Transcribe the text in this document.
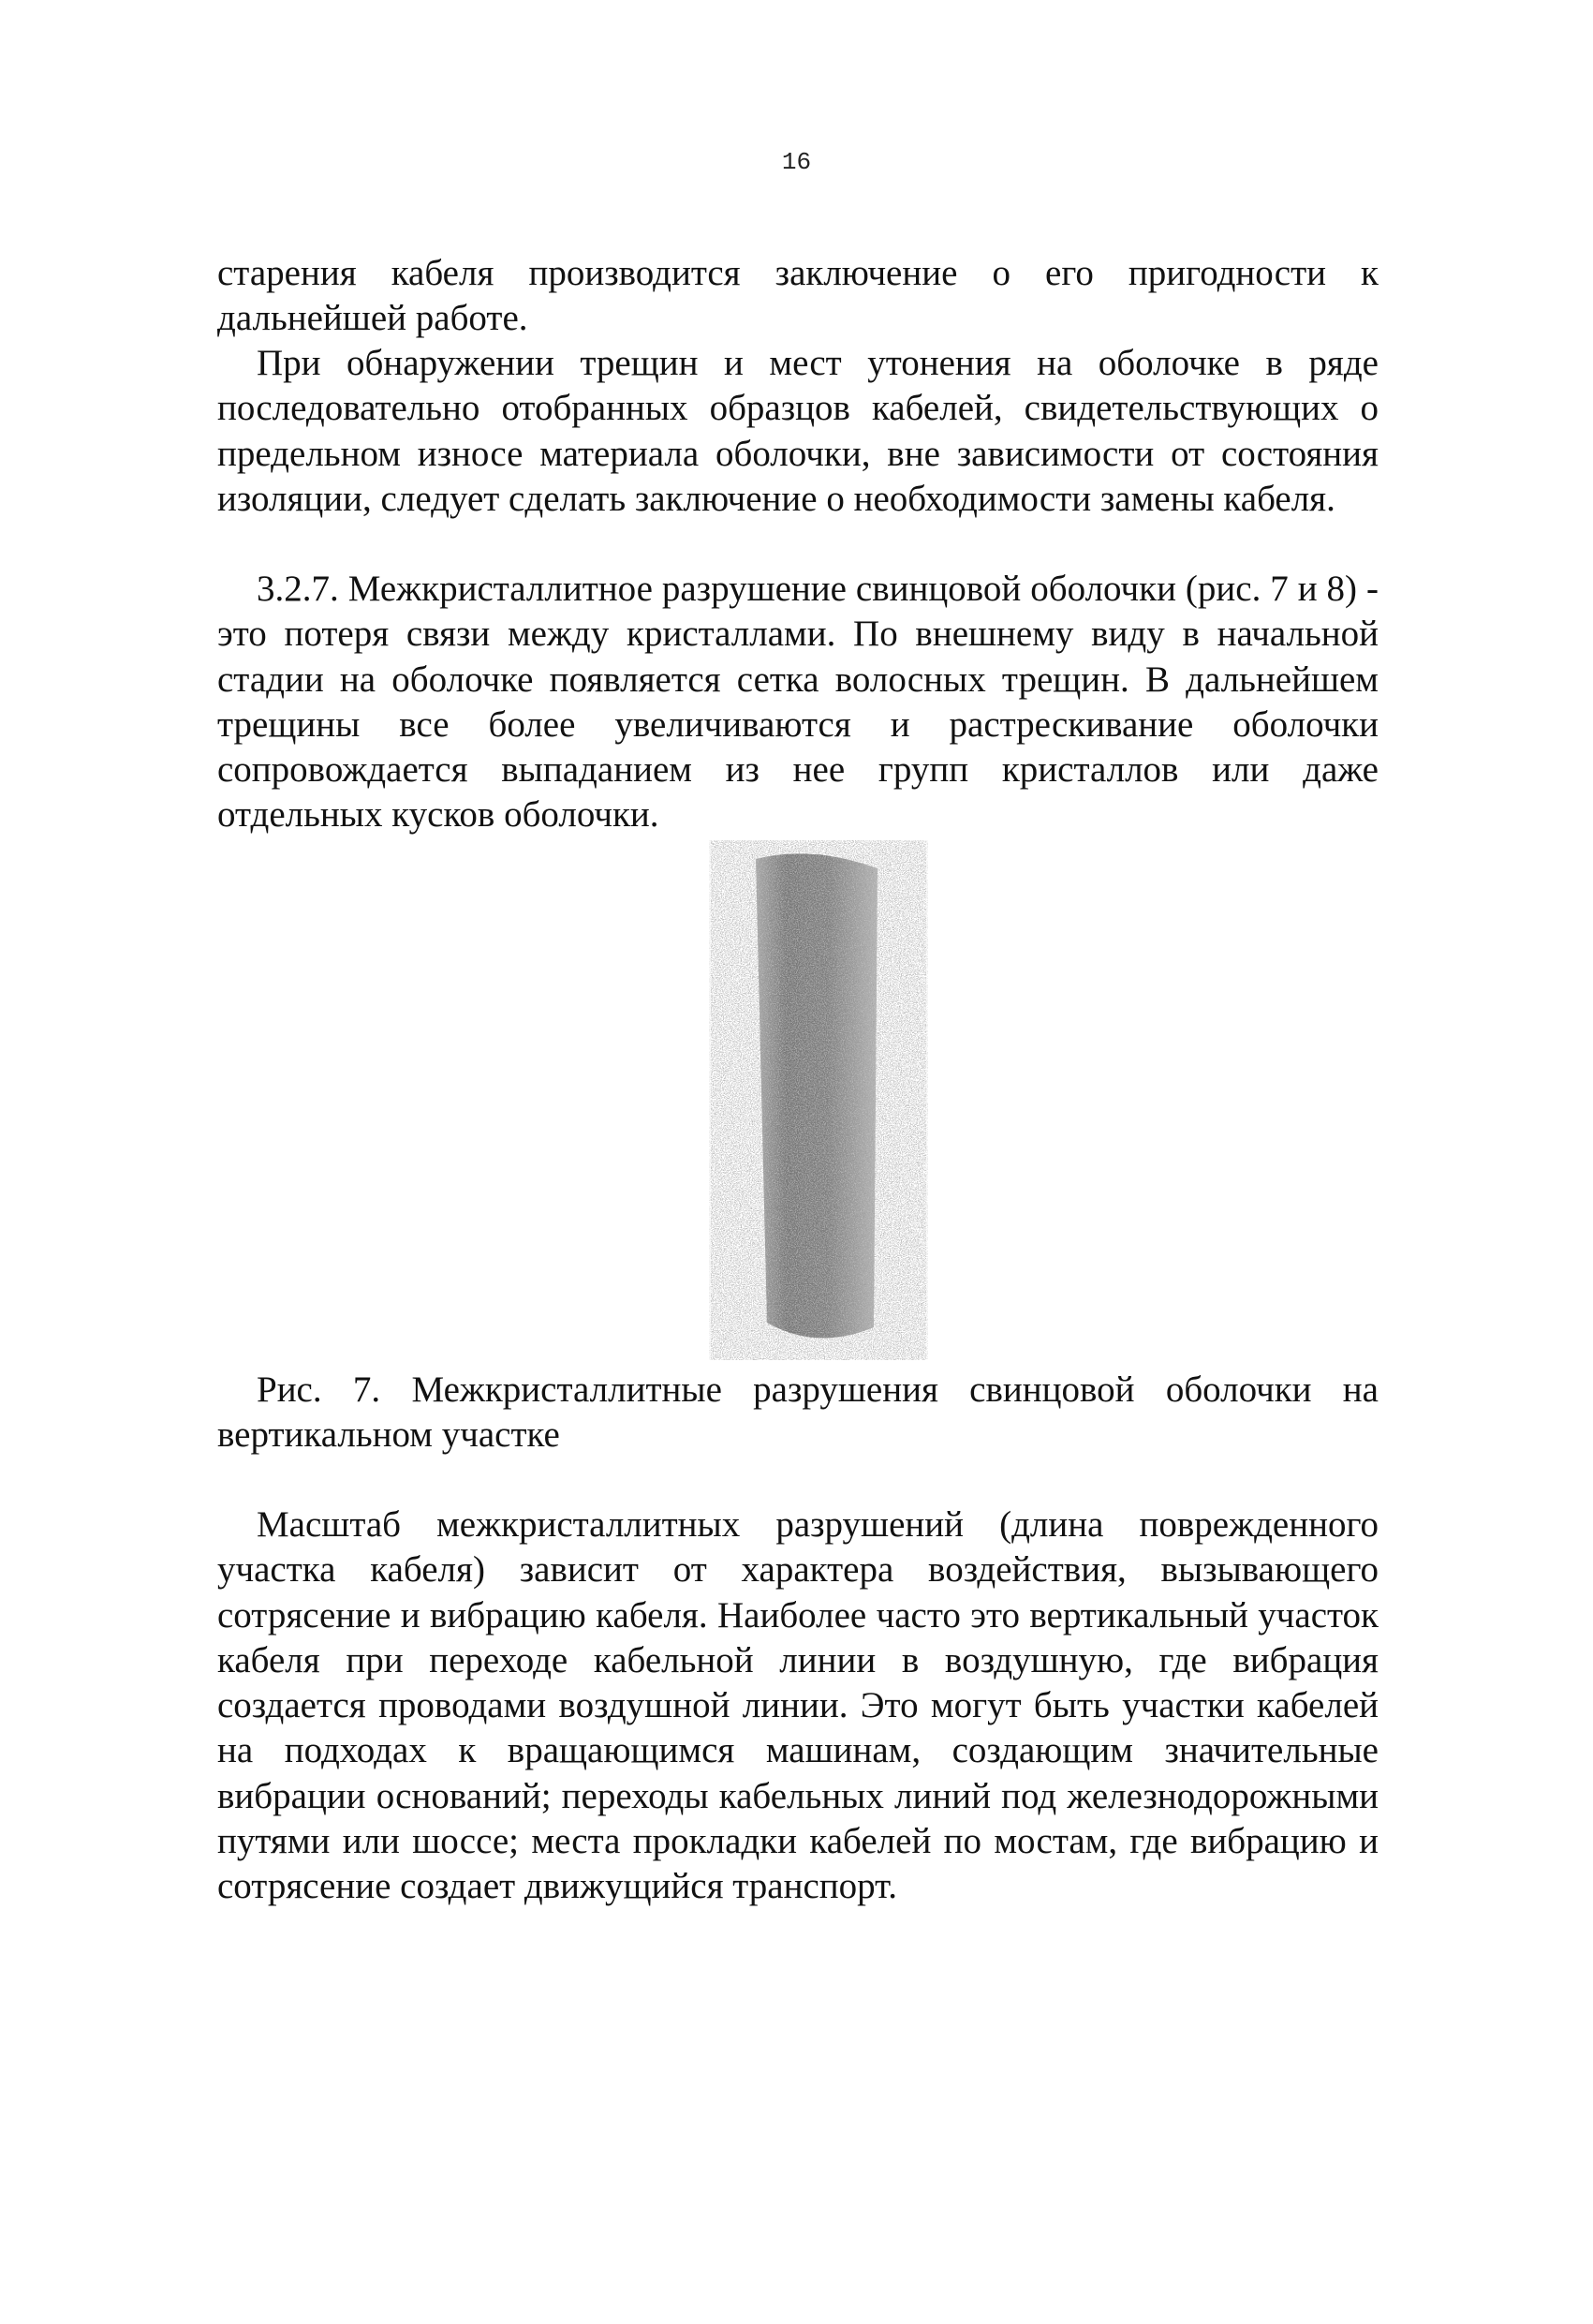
16

старения кабеля производится заключение о его пригодности к дальнейшей работе.

При обнаружении трещин и мест утонения на оболочке в ряде последовательно отобранных образцов кабелей, свидетельствующих о предельном износе материала оболочки, вне зависимости от состояния изоляции, следует сделать заключение о необходимости замены кабеля.

3.2.7. Межкристаллитное разрушение свинцовой оболочки (рис. 7 и 8) - это потеря связи между кристаллами. По внешнему виду в начальной стадии на оболочке появляется сетка волосных трещин. В дальнейшем трещины все более увеличиваются и растрескивание оболочки сопровождается выпаданием из нее групп кристаллов или даже отдельных кусков оболочки.

Рис. 7. Межкристаллитные разрушения свинцовой оболочки на вертикальном участке

Масштаб межкристаллитных разрушений (длина поврежденного участка кабеля) зависит от характера воздействия, вызывающего сотрясение и вибрацию кабеля. Наиболее часто это вертикальный участок кабеля при переходе кабельной линии в воздушную, где вибрация создается проводами воздушной линии. Это могут быть участки кабелей на подходах к вращающимся машинам, создающим значительные вибрации оснований; переходы кабельных линий под железнодорожными путями или шоссе; места прокладки кабелей по мостам, где вибрацию и сотрясение создает движущийся транспорт.
